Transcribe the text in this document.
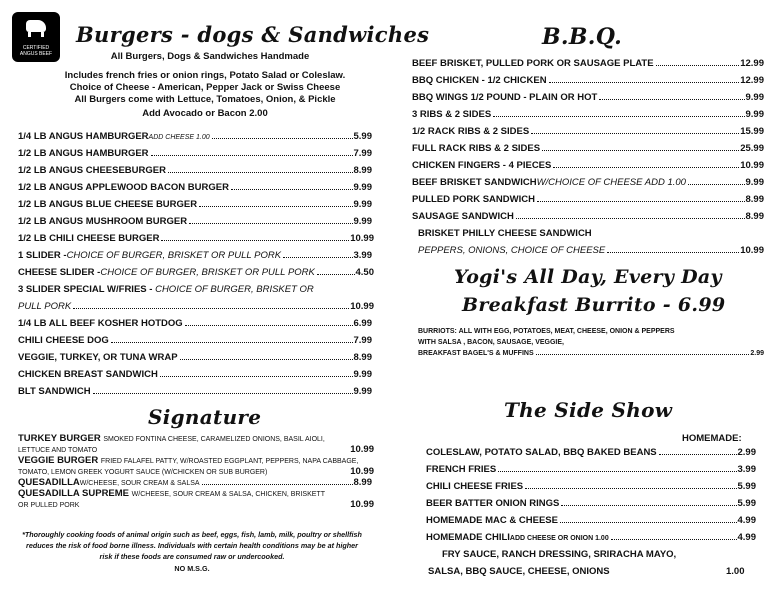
CERTIFIED
ANGUS BEEF
Burgers - dogs & Sandwiches
All Burgers, Dogs & Sandwiches Handmade
Includes french fries or onion rings, Potato Salad or Coleslaw.
Choice of Cheese - American, Pepper Jack or Swiss Cheese
All Burgers come with Lettuce, Tomatoes, Onion, & Pickle
Add Avocado or Bacon 2.00
1/4 LB ANGUS HAMBURGER ADD CHEESE 1.00	5.99
1/2 LB ANGUS HAMBURGER	7.99
1/2 LB ANGUS CHEESEBURGER	8.99
1/2 LB ANGUS APPLEWOOD BACON BURGER	9.99
1/2 LB ANGUS BLUE CHEESE BURGER	9.99
1/2 LB ANGUS MUSHROOM BURGER	9.99
1/2 LB CHILI CHEESE BURGER	10.99
1 SLIDER - CHOICE OF BURGER, BRISKET OR PULL PORK	3.99
CHEESE SLIDER - CHOICE OF BURGER, BRISKET OR PULL PORK	4.50
3 SLIDER SPECIAL W/FRIES - CHOICE OF BURGER, BRISKET OR
PULL PORK	10.99
1/4 LB ALL BEEF KOSHER HOTDOG	6.99
CHILI CHEESE DOG	7.99
VEGGIE, TURKEY, OR TUNA WRAP	8.99
CHICKEN BREAST SANDWICH	9.99
BLT SANDWICH	9.99
Signature
TURKEY BURGER SMOKED FONTINA CHEESE, CARAMELIZED ONIONS, BASIL AIOLI,
LETTUCE AND TOMATO	10.99
VEGGIE BURGER FRIED FALAFEL PATTY, W/ROASTED EGGPLANT, PEPPERS, NAPA CABBAGE,
TOMATO, LEMON GREEK YOGURT SAUCE (W/CHICKEN OR SUB BURGER)	10.99
QUESADILLA W/CHEESE, SOUR CREAM & SALSA	8.99
QUESADILLA SUPREME W/CHEESE, SOUR CREAM & SALSA, CHICKEN, BRISKETT
OR PULLED PORK	10.99
*Thoroughly cooking foods of animal origin such as beef, eggs, fish, lamb, milk, poultry or shellfish
reduces the risk of food borne illness. Individuals with certain health conditions may be at higher
risk if these foods are consumed raw or undercooked.
NO M.S.G.
B.B.Q.
BEEF BRISKET, PULLED PORK OR SAUSAGE PLATE	12.99
BBQ CHICKEN - 1/2 CHICKEN	12.99
BBQ WINGS 1/2 POUND - PLAIN OR HOT	9.99
3 RIBS & 2 SIDES	9.99
1/2 RACK RIBS & 2 SIDES	15.99
FULL RACK RIBS & 2 SIDES	25.99
CHICKEN FINGERS - 4 PIECES	10.99
BEEF BRISKET SANDWICH W/CHOICE OF CHEESE ADD 1.00	9.99
PULLED PORK SANDWICH	8.99
SAUSAGE SANDWICH	8.99
BRISKET PHILLY CHEESE SANDWICH
PEPPERS, ONIONS, CHOICE OF CHEESE	10.99
Yogi's All Day, Every Day
Breakfast Burrito - 6.99
BURRIOTS: ALL WITH EGG, POTATOES, MEAT, CHEESE, ONION & PEPPERS
WITH SALSA , BACON, SAUSAGE, VEGGIE,
BREAKFAST BAGEL'S & MUFFINS	2.99
The Side Show
HOMEMADE:
COLESLAW, POTATO SALAD, BBQ BAKED BEANS	2.99
FRENCH FRIES	3.99
CHILI CHEESE FRIES	5.99
BEER BATTER ONION RINGS	5.99
HOMEMADE MAC & CHEESE	4.99
HOMEMADE CHILI ADD CHEESE OR ONION 1.00	4.99
FRY SAUCE, RANCH DRESSING, SRIRACHA MAYO,
SALSA, BBQ SAUCE, CHEESE, ONIONS	1.00
